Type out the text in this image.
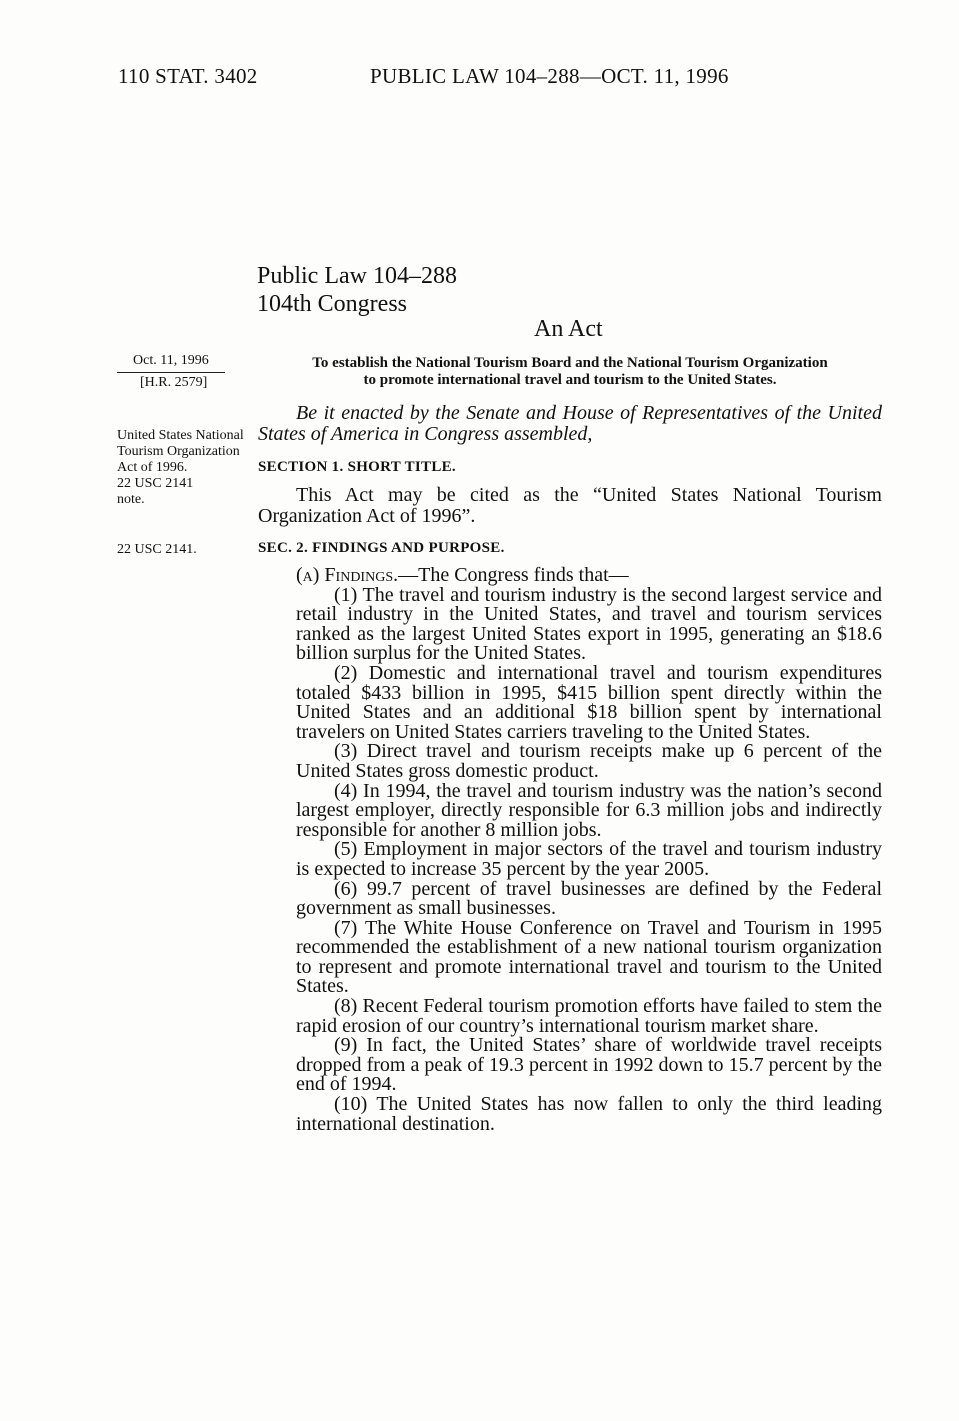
110 STAT. 3402	PUBLIC LAW 104–288—OCT. 11, 1996
Public Law 104–288
104th Congress
An Act
Oct. 11, 1996
[H.R. 2579]
United States National Tourism Organization Act of 1996.
22 USC 2141
note.
22 USC 2141.
To establish the National Tourism Board and the National Tourism Organization
to promote international travel and tourism to the United States.
Be it enacted by the Senate and House of Representatives of the United States of America in Congress assembled,
SECTION 1. SHORT TITLE.
This Act may be cited as the “United States National Tourism Organization Act of 1996”.
SEC. 2. FINDINGS AND PURPOSE.

(a) Findings.—The Congress finds that—

(1) The travel and tourism industry is the second largest service and retail industry in the United States, and travel and tourism services ranked as the largest United States export in 1995, generating an $18.6 billion surplus for the United States.

(2) Domestic and international travel and tourism expenditures totaled $433 billion in 1995, $415 billion spent directly within the United States and an additional $18 billion spent by international travelers on United States carriers traveling to the United States.

(3) Direct travel and tourism receipts make up 6 percent of the United States gross domestic product.

(4) In 1994, the travel and tourism industry was the nation’s second largest employer, directly responsible for 6.3 million jobs and indirectly responsible for another 8 million jobs.

(5) Employment in major sectors of the travel and tourism industry is expected to increase 35 percent by the year 2005.

(6) 99.7 percent of travel businesses are defined by the Federal government as small businesses.

(7) The White House Conference on Travel and Tourism in 1995 recommended the establishment of a new national tourism organization to represent and promote international travel and tourism to the United States.

(8) Recent Federal tourism promotion efforts have failed to stem the rapid erosion of our country’s international tourism market share.

(9) In fact, the United States’ share of worldwide travel receipts dropped from a peak of 19.3 percent in 1992 down to 15.7 percent by the end of 1994.

(10) The United States has now fallen to only the third leading international destination.
